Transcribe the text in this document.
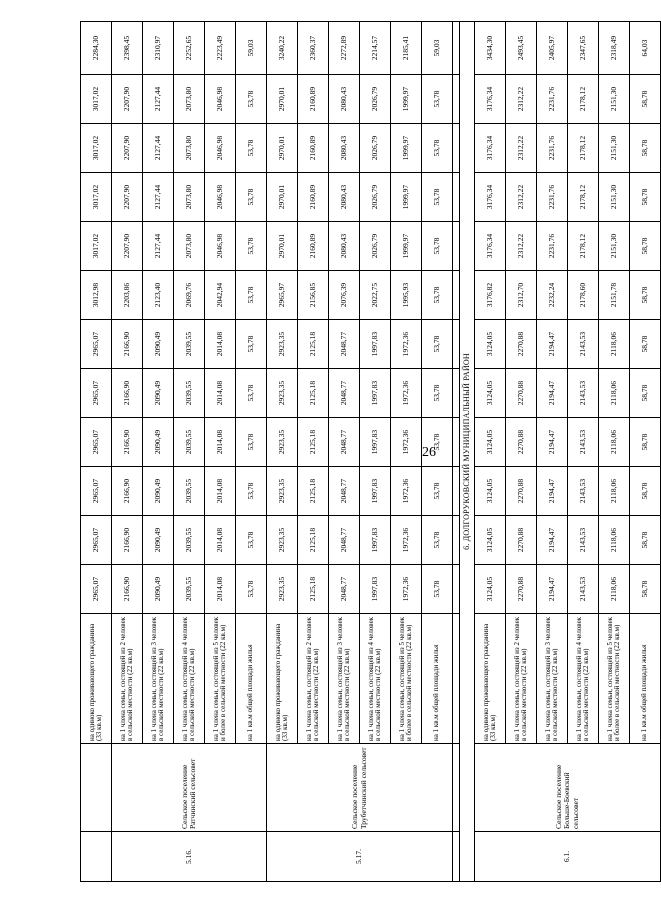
		на одиноко проживающего гражданина (33 кв.м)	2965,07	2965,07	2965,07	2965,07	2965,07	2965,07	3012,98	3017,02	3017,02	3017,02	3017,02	2284,30
5.16.	Сельское поселение Ратчинский сельсовет	на 1 члена семьи, состоящей из 2 человек в сельской местности (22 кв.м)	2166,90	2166,90	2166,90	2166,90	2166,90	2166,90	2203,86	2207,90	2207,90	2207,90	2207,90	2398,45
		на 1 члена семьи, состоящей из 3 человек в сельской местности (22 кв.м)	2090,49	2090,49	2090,49	2090,49	2090,49	2090,49	2123,40	2127,44	2127,44	2127,44	2127,44	2310,97
		на 1 члена семьи, состоящей из 4 человек в сельской местности (22 кв.м)	2039,55	2039,55	2039,55	2039,55	2039,55	2039,55	2069,76	2073,80	2073,80	2073,80	2073,80	2252,65
		на 1 члена семьи, состоящей из 5 человек и более в сельской местности (22 кв.м)	2014,08	2014,08	2014,08	2014,08	2014,08	2014,08	2042,94	2046,98	2046,98	2046,98	2046,98	2223,49
		на 1 кв.м общей площади жилья	53,78	53,78	53,78	53,78	53,78	53,78	53,78	53,78	53,78	53,78	53,78	59,03
5.17.	Сельское поселение Трубетчинский сельсовет	на одиноко проживающего гражданина (33 кв.м)	2923,35	2923,35	2923,35	2923,35	2923,35	2923,35	2965,97	2970,01	2970,01	2970,01	2970,01	3240,22
		на 1 члена семьи, состоящей из 2 человек в сельской местности (22 кв.м)	2125,18	2125,18	2125,18	2125,18	2125,18	2125,18	2156,85	2160,89	2160,89	2160,89	2160,89	2360,37
		на 1 члена семьи, состоящей из 3 человек в сельской местности (22 кв.м)	2048,77	2048,77	2048,77	2048,77	2048,77	2048,77	2076,39	2080,43	2080,43	2080,43	2080,43	2272,89
		на 1 члена семьи, состоящей из 4 человек в сельской местности (22 кв.м)	1997,83	1997,83	1997,83	1997,83	1997,83	1997,83	2022,75	2026,79	2026,79	2026,79	2026,79	2214,57
		на 1 члена семьи, состоящей из 5 человек и более в сельской местности (22 кв.м)	1972,36	1972,36	1972,36	1972,36	1972,36	1972,36	1995,93	1999,97	1999,97	1999,97	1999,97	2185,41
		на 1 кв.м общей площади жилья	53,78	53,78	53,78	53,78	53,78	53,78	53,78	53,78	53,78	53,78	53,78	59,03

6. ДОЛГОРУКОВСКИЙ МУНИЦИПАЛЬНЫЙ РАЙОН														
6.1.	Сельское поселение Больше-Боевский сельсовет	на одиноко проживающего гражданина (33 кв.м)	3124,05	3124,05	3124,05	3124,05	3124,05	3124,05	3176,82	3176,34	3176,34	3176,34	3176,34	3434,30
		на 1 члена семьи, состоящей из 2 человек в сельской местности (22 кв.м)	2270,88	2270,88	2270,88	2270,88	2270,88	2270,88	2312,70	2312,22	2312,22	2312,22	2312,22	2493,45
		на 1 члена семьи, состоящей из 3 человек в сельской местности (22 кв.м)	2194,47	2194,47	2194,47	2194,47	2194,47	2194,47	2232,24	2231,76	2231,76	2231,76	2231,76	2405,97
		на 1 члена семьи, состоящей из 4 человек в сельской местности (22 кв.м)	2143,53	2143,53	2143,53	2143,53	2143,53	2143,53	2178,60	2178,12	2178,12	2178,12	2178,12	2347,65
		на 1 члена семьи, состоящей из 5 человек и более в сельской местности (22 кв.м)	2118,06	2118,06	2118,06	2118,06	2118,06	2118,06	2151,78	2151,30	2151,30	2151,30	2151,30	2318,49
		на 1 кв.м общей площади жилья	58,78	58,78	58,78	58,78	58,78	58,78	58,78	58,78	58,78	58,78	58,78	64,03
26
